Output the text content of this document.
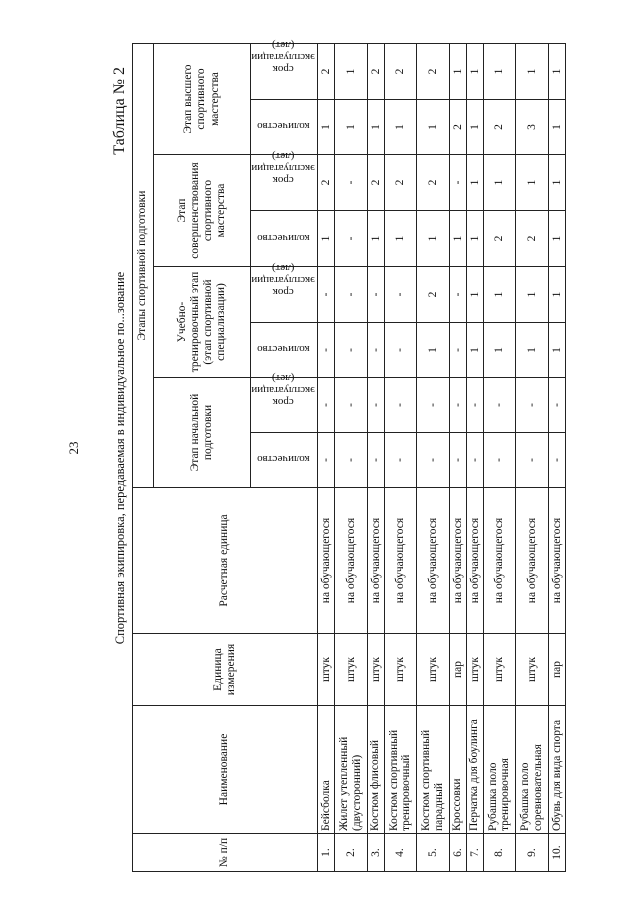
23
Таблица № 2
Спортивная экипировка, передаваемая в индивидуальное по...зование
№ п/п	Наименование	Единица измерения	Расчетная единица	Этапы спортивной подготовки							
				Этап начальной подготовки		Учебно-тренировочный этап (этап спортивной специализации)		Этап совершенствования спортивного мастерства		Этап высшего спортивного мастерства	
				количество	срок эксплуатации (лет)	количество	срок эксплуатации (лет)	количество	срок эксплуатации (лет)	количество	срок эксплуатации (лет)
1.	Бейсболка	штук	на обучающегося	-	-	-	-	1	2	1	2
2.	Жилет утепленный (двусторонний)	штук	на обучающегося	-	-	-	-	-	-	1	1
3.	Костюм флисовый	штук	на обучающегося	-	-	-	-	1	2	1	2
4.	Костюм спортивный тренировочный	штук	на обучающегося	-	-	-	-	1	2	1	2
5.	Костюм спортивный парадный	штук	на обучающегося	-	-	1	2	1	2	1	2
6.	Кроссовки	пар	на обучающегося	-	-	-	-	1	-	2	1
7.	Перчатка для боулинга	штук	на обучающегося	-	-	1	1	1	1	1	1
8.	Рубашка поло тренировочная	штук	на обучающегося	-	-	1	1	2	1	2	1
9.	Рубашка поло соревновательная	штук	на обучающегося	-	-	1	1	2	1	3	1
10.	Обувь для вида спорта	пар	на обучающегося	-	-	1	1	1	1	1	1
